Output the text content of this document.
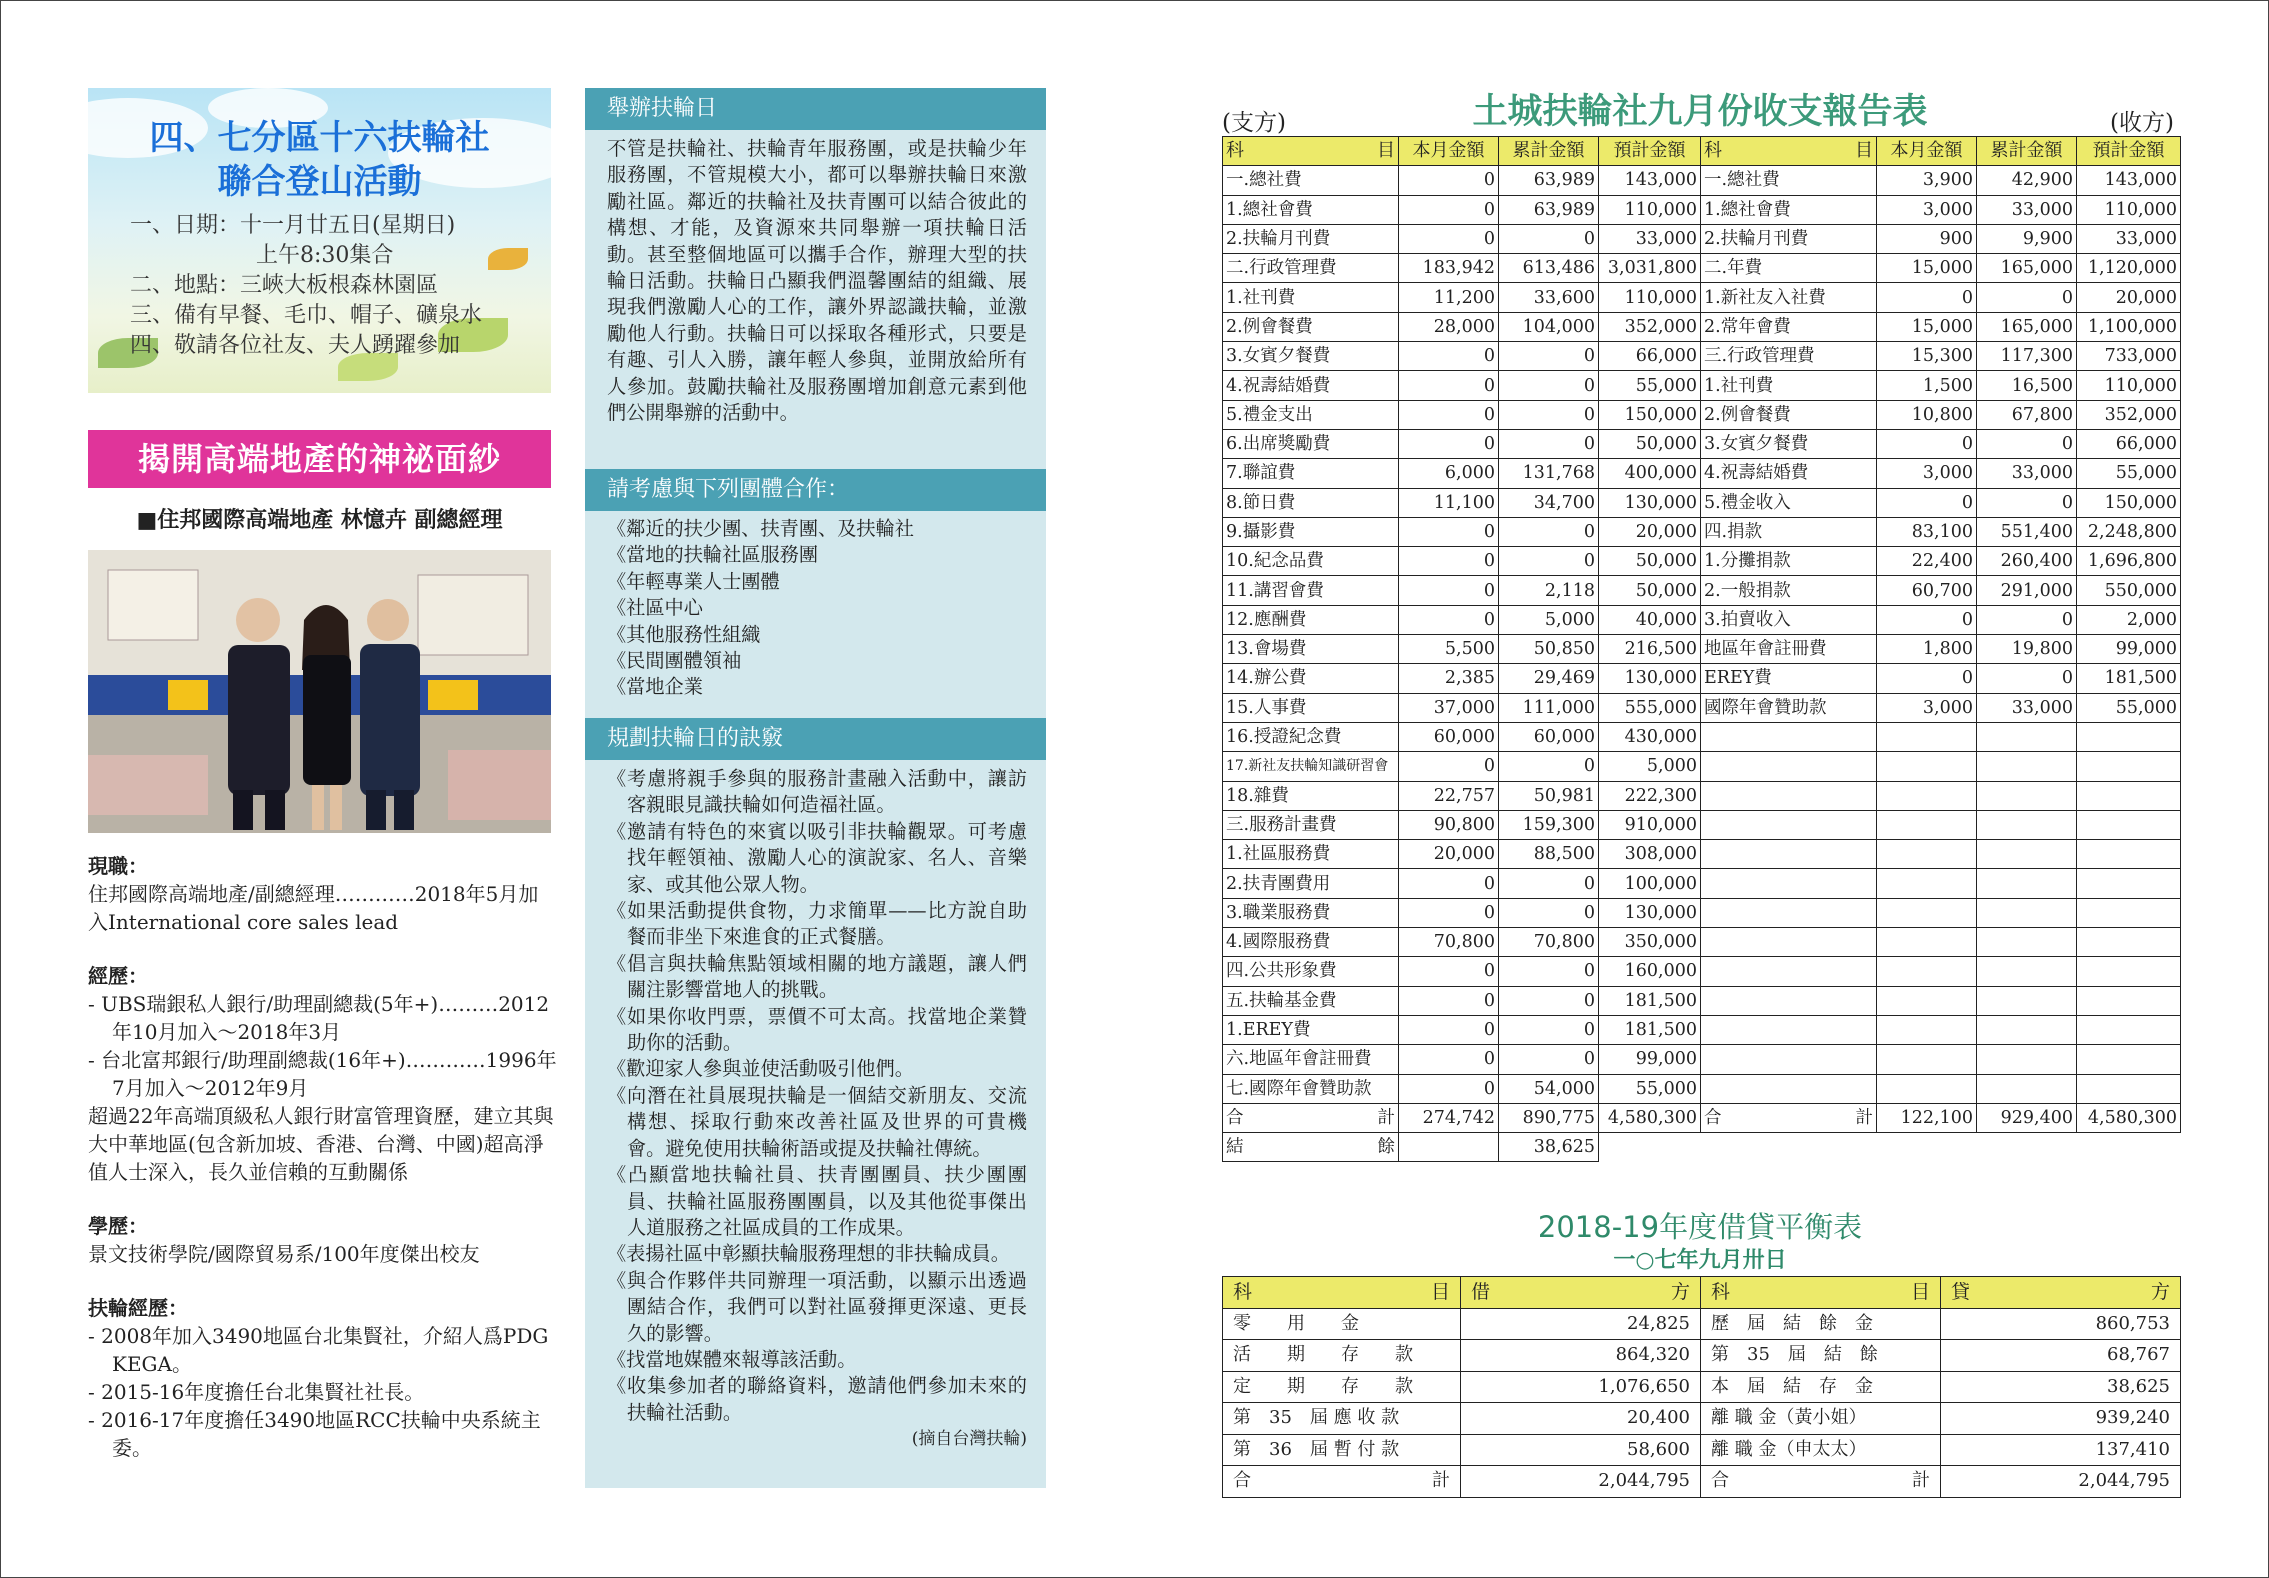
四、七分區十六扶輪社
聯合登山活動
一、日期：十一月廿五日(星期日)
上午8:30集合
二、地點：三峽大板根森林園區
三、備有早餐、毛巾、帽子、礦泉水
四、敬請各位社友、夫人踴躍參加
揭開高端地產的神祕面紗
■住邦國際高端地產 林憶卉 副總經理
現職：
住邦國際高端地產/副總經理…………2018年5月加入International core sales lead
經歷：
- UBS瑞銀私人銀行/助理副總裁(5年+)………2012年10月加入～2018年3月
- 台北富邦銀行/助理副總裁(16年+)…………1996年7月加入～2012年9月
超過22年高端頂級私人銀行財富管理資歷，建立其與大中華地區(包含新加坡、香港、台灣、中國)超高淨值人士深入，長久並信賴的互動關係
學歷：
景文技術學院/國際貿易系/100年度傑出校友
扶輪經歷：
- 2008年加入3490地區台北集賢社，介紹人爲PDG KEGA。
- 2015-16年度擔任台北集賢社社長。
- 2016-17年度擔任3490地區RCC扶輪中央系統主委。
舉辦扶輪日
不管是扶輪社、扶輪青年服務團，或是扶輪少年服務團，不管規模大小，都可以舉辦扶輪日來激勵社區。鄰近的扶輪社及扶青團可以結合彼此的構想、才能，及資源來共同舉辦一項扶輪日活動。甚至整個地區可以攜手合作，辦理大型的扶輪日活動。扶輪日凸顯我們溫馨團結的組織、展現我們激勵人心的工作，讓外界認識扶輪，並激勵他人行動。扶輪日可以採取各種形式，只要是有趣、引人入勝，讓年輕人參與，並開放給所有人參加。鼓勵扶輪社及服務團增加創意元素到他們公開舉辦的活動中。
請考慮與下列團體合作：
《鄰近的扶少團、扶青團、及扶輪社
《當地的扶輪社區服務團
《年輕專業人士團體
《社區中心
《其他服務性組織
《民間團體領袖
《當地企業
規劃扶輪日的訣竅
《考慮將親手參與的服務計畫融入活動中，讓訪客親眼見識扶輪如何造福社區。
《邀請有特色的來賓以吸引非扶輪觀眾。可考慮找年輕領袖、激勵人心的演說家、名人、音樂家、或其他公眾人物。
《如果活動提供食物，力求簡單——比方說自助餐而非坐下來進食的正式餐膳。
《倡言與扶輪焦點領域相關的地方議題，讓人們關注影響當地人的挑戰。
《如果你收門票，票價不可太高。找當地企業贊助你的活動。
《歡迎家人參與並使活動吸引他們。
《向潛在社員展現扶輪是一個結交新朋友、交流構想、採取行動來改善社區及世界的可貴機會。避免使用扶輪術語或提及扶輪社傳統。
《凸顯當地扶輪社員、扶青團團員、扶少團團員、扶輪社區服務團團員，以及其他從事傑出人道服務之社區成員的工作成果。
《表揚社區中彰顯扶輪服務理想的非扶輪成員。
《與合作夥伴共同辦理一項活動，以顯示出透過團結合作，我們可以對社區發揮更深遠、更長久的影響。
《找當地媒體來報導該活動。
《收集參加者的聯絡資料，邀請他們參加未來的扶輪社活動。
(摘自台灣扶輪)
(支方)	土城扶輪社九月份收支報告表	(收方)
科 目	本月金額	累計金額	預計金額	科 目	本月金額	累計金額	預計金額
一.總社費	0	63,989	143,000	一.總社費	3,900	42,900	143,000
1.總社會費	0	63,989	110,000	1.總社會費	3,000	33,000	110,000
2.扶輪月刊費	0	0	33,000	2.扶輪月刊費	900	9,900	33,000
二.行政管理費	183,942	613,486	3,031,800	二.年費	15,000	165,000	1,120,000
1.社刊費	11,200	33,600	110,000	1.新社友入社費	0	0	20,000
2.例會餐費	28,000	104,000	352,000	2.常年會費	15,000	165,000	1,100,000
3.女賓夕餐費	0	0	66,000	三.行政管理費	15,300	117,300	733,000
4.祝壽結婚費	0	0	55,000	1.社刊費	1,500	16,500	110,000
5.禮金支出	0	0	150,000	2.例會餐費	10,800	67,800	352,000
6.出席獎勵費	0	0	50,000	3.女賓夕餐費	0	0	66,000
7.聯誼費	6,000	131,768	400,000	4.祝壽結婚費	3,000	33,000	55,000
8.節日費	11,100	34,700	130,000	5.禮金收入	0	0	150,000
9.攝影費	0	0	20,000	四.捐款	83,100	551,400	2,248,800
10.紀念品費	0	0	50,000	1.分攤捐款	22,400	260,400	1,696,800
11.講習會費	0	2,118	50,000	2.一般捐款	60,700	291,000	550,000
12.應酬費	0	5,000	40,000	3.拍賣收入	0	0	2,000
13.會場費	5,500	50,850	216,500	地區年會註冊費	1,800	19,800	99,000
14.辦公費	2,385	29,469	130,000	EREY費	0	0	181,500
15.人事費	37,000	111,000	555,000	國際年會贊助款	3,000	33,000	55,000
16.授證紀念費	60,000	60,000	430,000				
17.新社友扶輪知識研習會	0	0	5,000				
18.雜費	22,757	50,981	222,300				
三.服務計畫費	90,800	159,300	910,000				
1.社區服務費	20,000	88,500	308,000				
2.扶青團費用	0	0	100,000				
3.職業服務費	0	0	130,000				
4.國際服務費	70,800	70,800	350,000				
四.公共形象費	0	0	160,000				
五.扶輪基金費	0	0	181,500				
1.EREY費	0	0	181,500				
六.地區年會註冊費	0	0	99,000				
七.國際年會贊助款	0	54,000	55,000				

合 計	274,742	890,775	4,580,300	合 計	122,100	929,400	4,580,300

結 餘		38,625					
2018-19年度借貸平衡表
一○七年九月卅日
科 目	借 方	科 目	貸 方

零　　用　　金	24,825	歷　屆　結　餘　金	860,753
活　　期　　存　　款	864,320	第　35　屆　結　餘	68,767
定　　期　　存　　款	1,076,650	本　屆　結　存　金	38,625
第　35　屆 應 收 款	20,400	離 職 金（黃小姐）	939,240
第　36　屆 暫 付 款	58,600	離 職 金（申太太）	137,410

合 計	2,044,795	合 計	2,044,795
